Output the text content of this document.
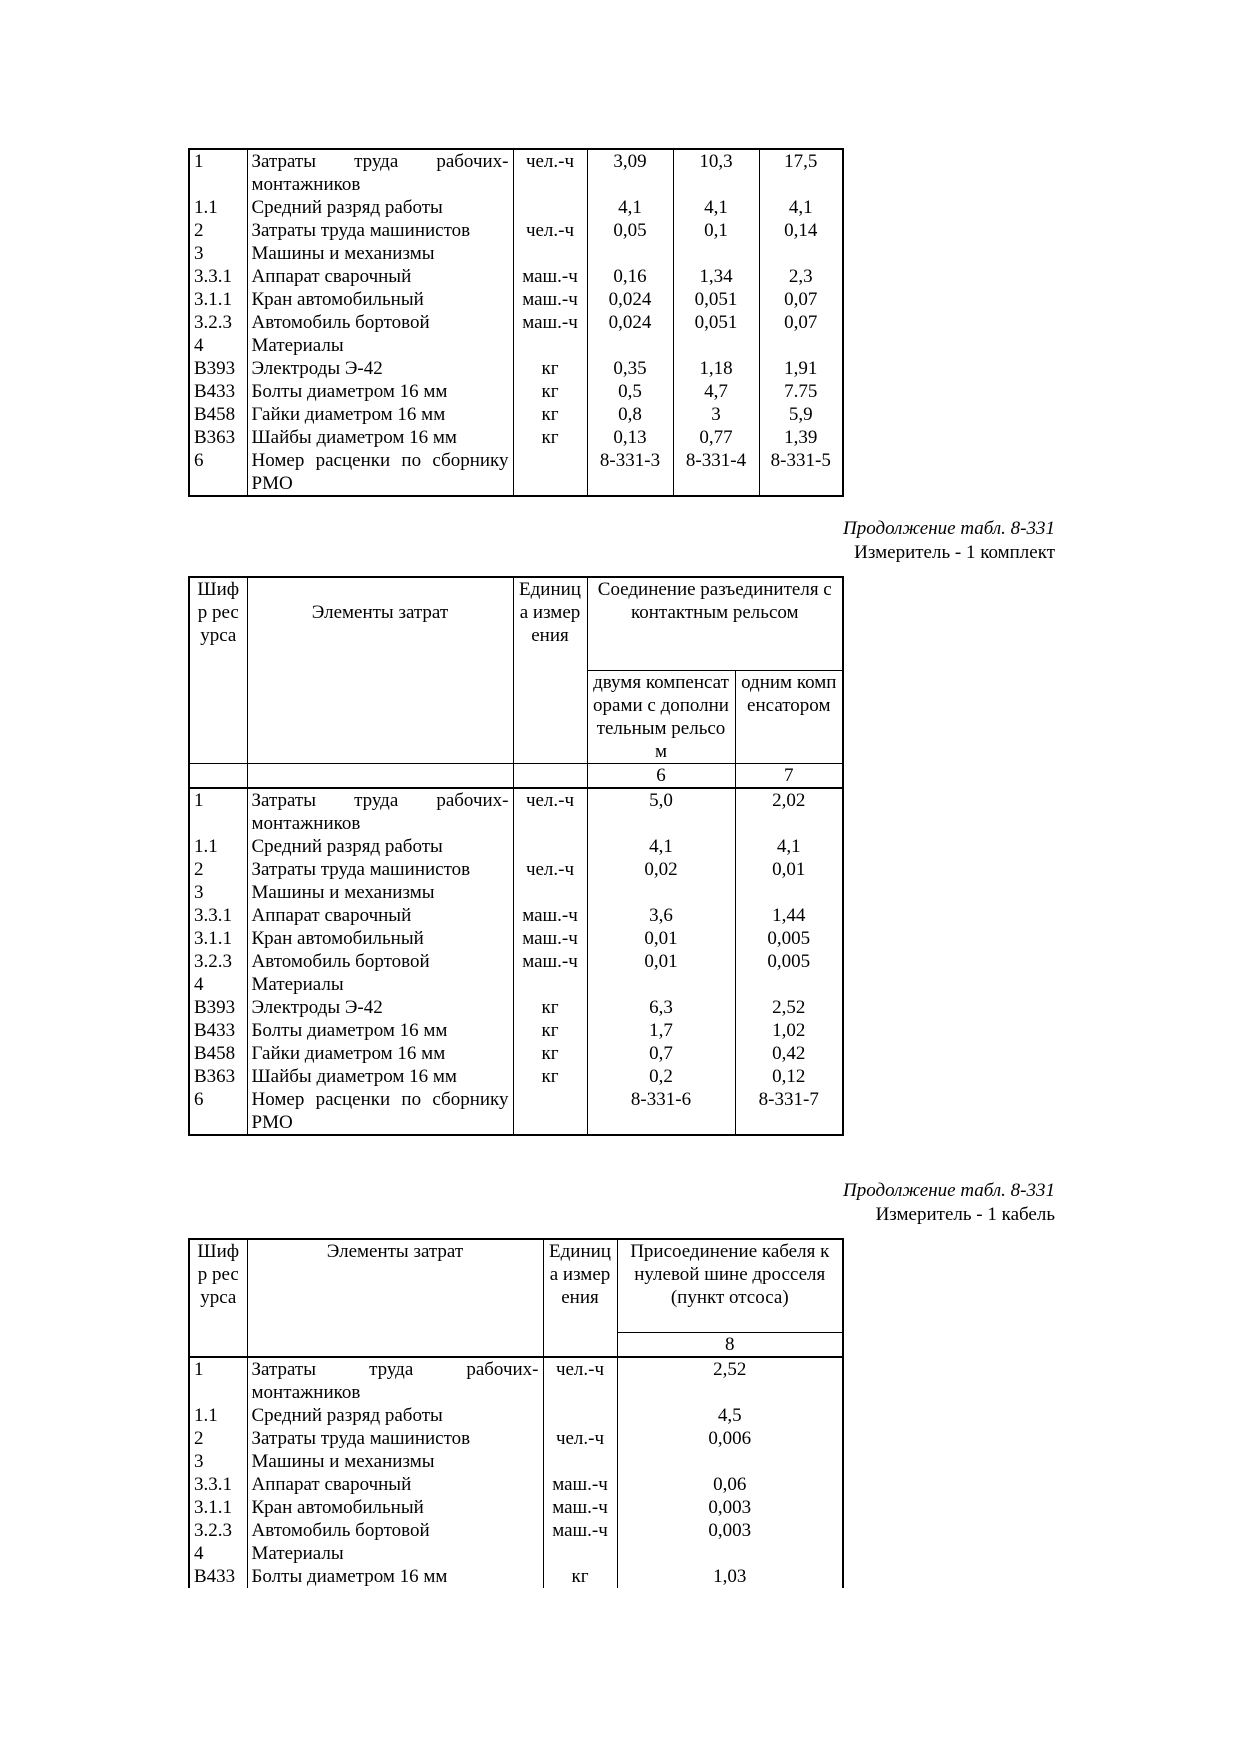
1	Затраты труда рабочих-монтажников	чел.-ч	3,09	10,3	17,5
1.1	Средний разряд работы		4,1	4,1	4,1
2	Затраты труда машинистов	чел.-ч	0,05	0,1	0,14
3	Машины и механизмы				
3.3.1	Аппарат сварочный	маш.-ч	0,16	1,34	2,3
3.1.1	Кран автомобильный	маш.-ч	0,024	0,051	0,07
3.2.3	Автомобиль бортовой	маш.-ч	0,024	0,051	0,07
4	Материалы				
В393	Электроды Э-42	кг	0,35	1,18	1,91
В433	Болты диаметром 16 мм	кг	0,5	4,7	7.75
В458	Гайки диаметром 16 мм	кг	0,8	3	5,9
В363	Шайбы диаметром 16 мм	кг	0,13	0,77	1,39
6	Номер расценки по сборнику РМО		8-331-3	8-331-4	8-331-5
Продолжение табл. 8-331
Измеритель - 1 комплект
Шифр ресурса	Элементы затрат	Единица измерения	Соединение разъединителя с контактным рельсом	
			двумя компенсаторами с дополнительным рельсом	одним компенсатором
			6	7
1	Затраты труда рабочих-монтажников	чел.-ч	5,0	2,02
1.1	Средний разряд работы		4,1	4,1
2	Затраты труда машинистов	чел.-ч	0,02	0,01
3	Машины и механизмы			
3.3.1	Аппарат сварочный	маш.-ч	3,6	1,44
3.1.1	Кран автомобильный	маш.-ч	0,01	0,005
3.2.3	Автомобиль бортовой	маш.-ч	0,01	0,005
4	Материалы			
В393	Электроды Э-42	кг	6,3	2,52
В433	Болты диаметром 16 мм	кг	1,7	1,02
В458	Гайки диаметром 16 мм	кг	0,7	0,42
В363	Шайбы диаметром 16 мм	кг	0,2	0,12
6	Номер расценки по сборнику РМО		8-331-6	8-331-7
Продолжение табл. 8-331
Измеритель - 1 кабель
Шифр ресурса	Элементы затрат	Единица измерения	Присоединение кабеля к нулевой шине дросселя (пункт отсоса)
			8
1	Затраты труда рабочих-монтажников	чел.-ч	2,52
1.1	Средний разряд работы		4,5
2	Затраты труда машинистов	чел.-ч	0,006
3	Машины и механизмы		
3.3.1	Аппарат сварочный	маш.-ч	0,06
3.1.1	Кран автомобильный	маш.-ч	0,003
3.2.3	Автомобиль бортовой	маш.-ч	0,003
4	Материалы		
В433	Болты диаметром 16 мм	кг	1,03
